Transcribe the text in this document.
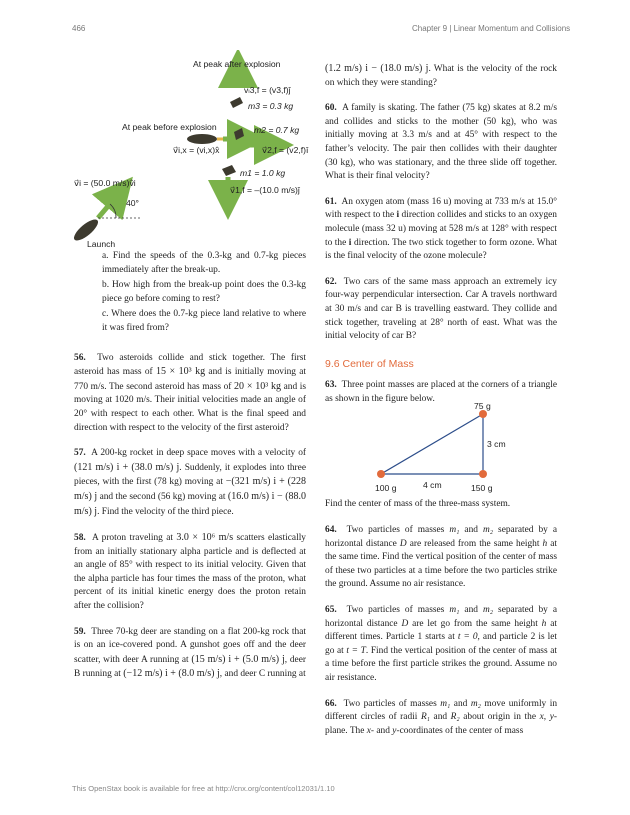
466	Chapter 9 | Linear Momentum and Collisions
At peak after explosion
vₗ3,f = (v3,f)ĵ
m3 = 0.3 kg
At peak before explosion	m2 = 0.7 kg
v⃗i,x = (vi,x)x̂	v⃗2,f = (v2,f)î
m1 = 1.0 kg
v⃗i = (50.0 m/s)v̂i
v⃗1,f = –(10.0 m/s)ĵ
40°
Launch

a. Find the speeds of the 0.3-kg and 0.7-kg pieces immediately after the break-up.

b. How high from the break-up point does the 0.3-kg piece go before coming to rest?

c. Where does the 0.7-kg piece land relative to where it was fired from?

56. Two asteroids collide and stick together. The first asteroid has mass of 15 × 10³ kg and is initially moving at 770 m/s. The second asteroid has mass of 20 × 10³ kg and is moving at 1020 m/s. Their initial velocities made an angle of 20° with respect to each other. What is the final speed and direction with respect to the velocity of the first asteroid?

57. A 200-kg rocket in deep space moves with a velocity of (121 m/s) i + (38.0 m/s) j. Suddenly, it explodes into three pieces, with the first (78 kg) moving at −(321 m/s) i + (228 m/s) j and the second (56 kg) moving at (16.0 m/s) i − (88.0 m/s) j. Find the velocity of the third piece.

58. A proton traveling at 3.0 × 10⁶ m/s scatters elastically from an initially stationary alpha particle and is deflected at an angle of 85° with respect to its initial velocity. Given that the alpha particle has four times the mass of the proton, what percent of its initial kinetic energy does the proton retain after the collision?

59. Three 70-kg deer are standing on a flat 200-kg rock that is on an ice-covered pond. A gunshot goes off and the deer scatter, with deer A running at (15 m/s) i + (5.0 m/s) j, deer B running at (−12 m/s) i + (8.0 m/s) j, and deer C running at

(1.2 m/s) i − (18.0 m/s) j. What is the velocity of the rock on which they were standing?

60. A family is skating. The father (75 kg) skates at 8.2 m/s and collides and sticks to the mother (50 kg), who was initially moving at 3.3 m/s and at 45° with respect to the father’s velocity. The pair then collides with their daughter (30 kg), who was stationary, and the three slide off together. What is their final velocity?

61. An oxygen atom (mass 16 u) moving at 733 m/s at 15.0° with respect to the i direction collides and sticks to an oxygen molecule (mass 32 u) moving at 528 m/s at 128° with respect to the i direction. The two stick together to form ozone. What is the final velocity of the ozone molecule?

62. Two cars of the same mass approach an extremely icy four-way perpendicular intersection. Car A travels northward at 30 m/s and car B is travelling eastward. They collide and stick together, traveling at 28° north of east. What was the initial velocity of car B?

9.6 Center of Mass

63. Three point masses are placed at the corners of a triangle as shown in the figure below.

75 g
3 cm
100 g	4 cm	150 g

Find the center of mass of the three-mass system.

64. Two particles of masses m₁ and m₂ separated by a horizontal distance D are released from the same height h at the same time. Find the vertical position of the center of mass of these two particles at a time before the two particles strike the ground. Assume no air resistance.

65. Two particles of masses m₁ and m₂ separated by a horizontal distance D are let go from the same height h at different times. Particle 1 starts at t = 0, and particle 2 is let go at t = T. Find the vertical position of the center of mass at a time before the first particle strikes the ground. Assume no air resistance.

66. Two particles of masses m₁ and m₂ move uniformly in different circles of radii R₁ and R₂ about origin in the x, y-plane. The x- and y-coordinates of the center of mass

This OpenStax book is available for free at http://cnx.org/content/col12031/1.10
